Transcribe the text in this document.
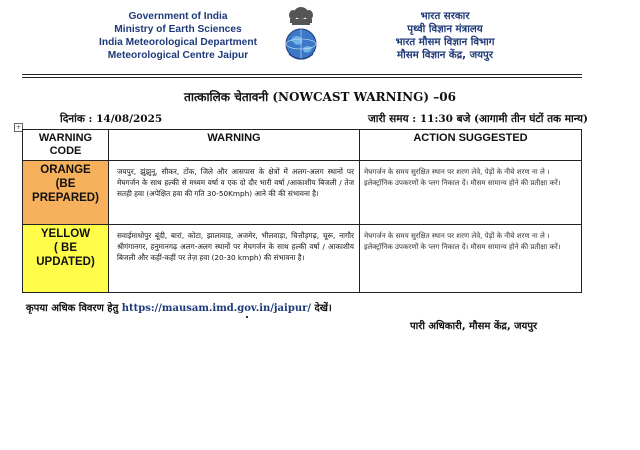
Government of India
Ministry of Earth Sciences
India Meteorological Department
Meteorological Centre Jaipur
भारत सरकार
पृथ्वी विज्ञान मंत्रालय
भारत मौसम विज्ञान विभाग
मौसम विज्ञान केंद्र, जयपुर
तात्कालिक चेतावनी (NOWCAST WARNING) –06
दिनांक : 14/08/2025	जारी समय : 11:30 बजे (आगामी तीन घंटों तक मान्य)
+
WARNING CODE	WARNING	ACTION SUGGESTED

ORANGE
(BE PREPARED)	जयपुर, झुंझुनू, सीकर, टोंक, जिले और आसपास के क्षेत्रों में अलग-अलग स्थानों पर मेघगर्जन के साथ हल्की से मध्यम वर्षा व एक दो दौर भारी वर्षा /आकाशीय बिजली / तेज सतही हवा (अपेक्षित हवा की गति 30-50Kmph) आने की की संभावना है।	मेघगर्जन के समय सुरक्षित स्थान पर शरण लेवे, पेड़ों के नीचे शरण ना ले । इलेक्ट्रॉनिक उपकरणों के प्लग निकाल दें। मौसम सामान्य होने की प्रतीक्षा करें।

YELLOW
( BE UPDATED)	सवाईमाधोपुर बूंदी, बारां, कोटा, झालावाड़, अजमेर, भीलवाड़ा, चित्तौड़गढ़, चूरू, नागौर श्रीगंगानगर, हनुमानगढ़ अलग-अलग स्थानों पर मेघगर्जन के साथ हल्की वर्षा / आकाशीय बिजली और कहीं-कहीं पर तेज़ हवा (20-30 kmph) की संभावना है।	मेघगर्जन के समय सुरक्षित स्थान पर शरण लेवे, पेड़ों के नीचे शरण ना ले । इलेक्ट्रॉनिक उपकरणों के प्लग निकाल दें। मौसम सामान्य होने की प्रतीक्षा करें।
कृपया अधिक विवरण हेतु https://mausam.imd.gov.in/jaipur/ देखें।
पारी अधिकारी, मौसम केंद्र, जयपुर
